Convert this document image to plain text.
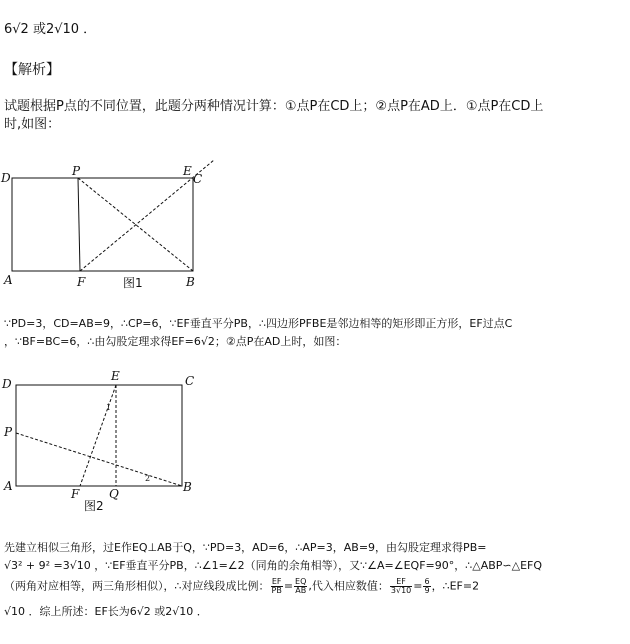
6√2 或2√10 ．
【解析】
试题根据P点的不同位置，此题分两种情况计算：①点P在CD上；②点P在AD上．①点P在CD上
时,如图：
D	P	E
C
A	F	B
图1
∵PD=3，CD=AB=9，∴CP=6，∵EF垂直平分PB，∴四边形PFBE是邻边相等的矩形即正方形，EF过点C
，∵BF=BC=6，∴由勾股定理求得EF=6√2；②点P在AD上时，如图：
D
E	C
P
A
F Q	B
1
2
图2
先建立相似三角形，过E作EQ⊥AB于Q，∵PD=3，AD=6，∴AP=3，AB=9，由勾股定理求得PB=
√3² + 9² =3√10 ，∵EF垂直平分PB，∴∠1=∠2（同角的余角相等），又∵∠A=∠EQF=90°，∴△ABP∽△EFQ
（两角对应相等，两三角形相似），∴对应线段成比例： $\frac{EF}{PB} = \frac{EQ}{AB}$ ,代入相应数值： $\frac{EF}{3√10} = \frac{6}{9}$ ，∴EF=2
√10 ．综上所述：EF长为6√2 或2√10 ．
